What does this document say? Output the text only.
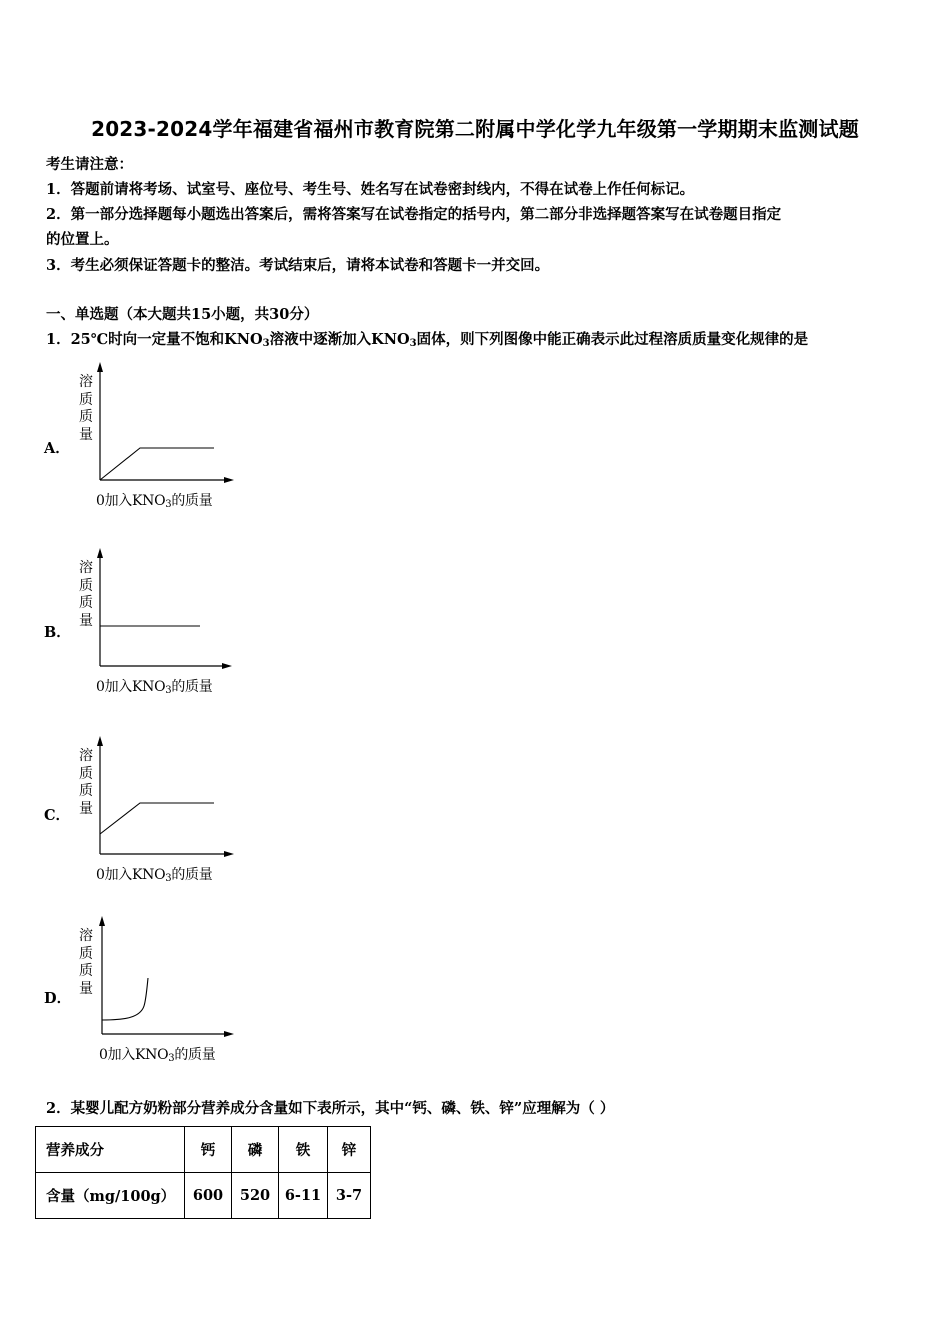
2023-2024学年福建省福州市教育院第二附属中学化学九年级第一学期期末监测试题
考生请注意：
1．答题前请将考场、试室号、座位号、考生号、姓名写在试卷密封线内，不得在试卷上作任何标记。
2．第一部分选择题每小题选出答案后，需将答案写在试卷指定的括号内，第二部分非选择题答案写在试卷题目指定
的位置上。
3．考生必须保证答题卡的整洁。考试结束后，请将本试卷和答题卡一并交回。
一、单选题（本大题共15小题，共30分）
1．25℃时向一定量不饱和$KNO_3$溶液中逐渐加入$KNO_3$固体，则下列图像中能正确表示此过程溶质质量变化规律的是
A．
溶
质
质
量
0加入$KNO_3$的质量
B．
溶
质
质
量
0加入$KNO_3$的质量
C．
溶
质
质
量
0加入$KNO_3$的质量
D．
溶
质
质
量
0加入$KNO_3$的质量
2．某婴儿配方奶粉部分营养成分含量如下表所示，其中“钙、磷、铁、锌”应理解为（ ）
营养成分	钙	磷	铁	锌
含量（mg/100g）	600	520	6-11	3-7
